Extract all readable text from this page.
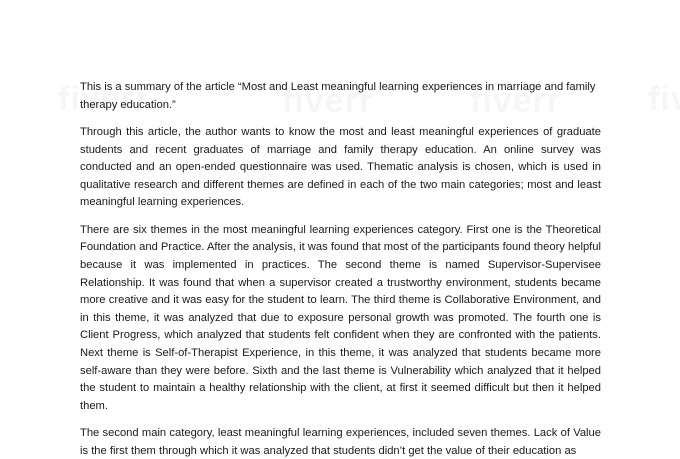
This is a summary of the article “Most and Least meaningful learning experiences in marriage and family therapy education.”

Through this article, the author wants to know the most and least meaningful experiences of graduate students and recent graduates of marriage and family therapy education. An online survey was conducted and an open-ended questionnaire was used. Thematic analysis is chosen, which is used in qualitative research and different themes are defined in each of the two main categories; most and least meaningful learning experiences.

There are six themes in the most meaningful learning experiences category. First one is the Theoretical Foundation and Practice. After the analysis, it was found that most of the participants found theory helpful because it was implemented in practices. The second theme is named Supervisor-Supervisee Relationship. It was found that when a supervisor created a trustworthy environment, students became more creative and it was easy for the student to learn. The third theme is Collaborative Environment, and in this theme, it was analyzed that due to exposure personal growth was promoted. The fourth one is Client Progress, which analyzed that students felt confident when they are confronted with the patients. Next theme is Self-of-Therapist Experience, in this theme, it was analyzed that students became more self-aware than they were before. Sixth and the last theme is Vulnerability which analyzed that it helped the student to maintain a healthy relationship with the client, at first it seemed difficult but then it helped them.

The second main category, least meaningful learning experiences, included seven themes. Lack of Value is the first them through which it was analyzed that students didn’t get the value of their education as
